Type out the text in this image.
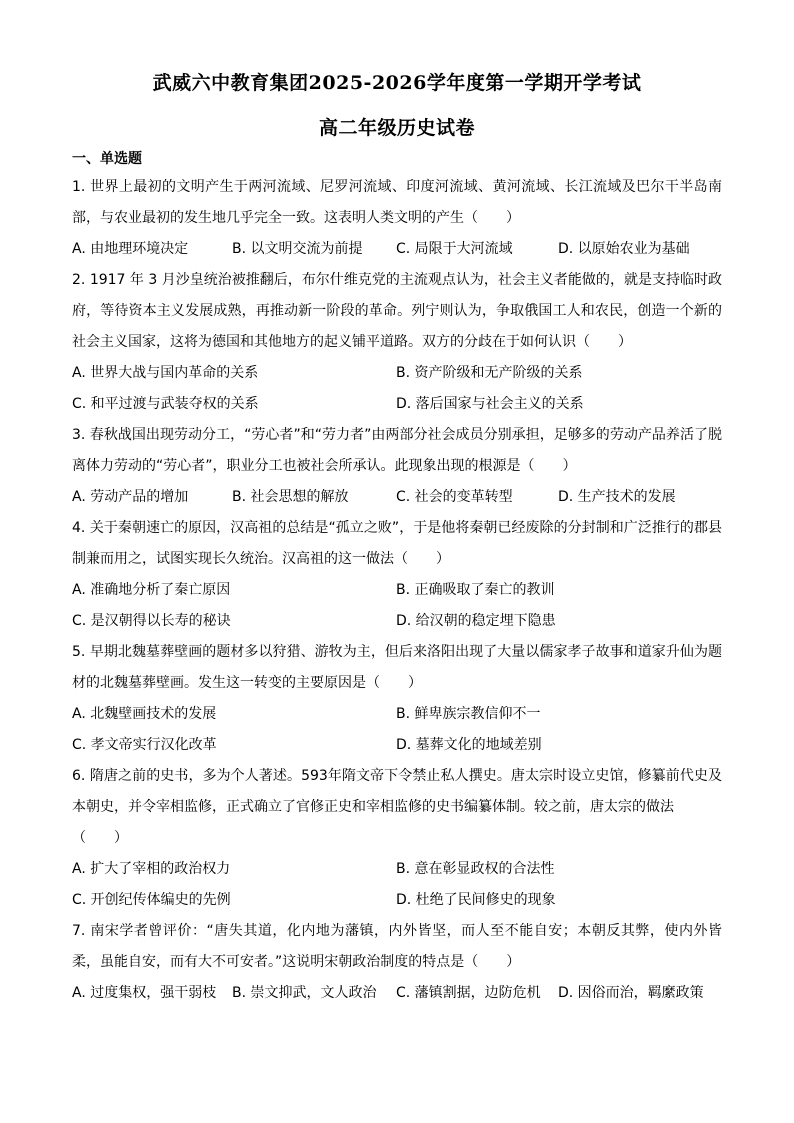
武威六中教育集团2025-2026学年度第一学期开学考试
高二年级历史试卷
一、单选题
1. 世界上最初的文明产生于两河流域、尼罗河流域、印度河流域、黄河流域、长江流域及巴尔干半岛南部，与农业最初的发生地几乎完全一致。这表明人类文明的产生（　　）
A. 由地理环境决定	B. 以文明交流为前提 C. 局限于大河流域	D. 以原始农业为基础
2. 1917 年 3 月沙皇统治被推翻后，布尔什维克党的主流观点认为，社会主义者能做的，就是支持临时政府，等待资本主义发展成熟，再推动新一阶段的革命。列宁则认为，争取俄国工人和农民，创造一个新的社会主义国家，这将为德国和其他地方的起义铺平道路。双方的分歧在于如何认识（　　）
A. 世界大战与国内革命的关系	B. 资产阶级和无产阶级的关系
C. 和平过渡与武装夺权的关系	D. 落后国家与社会主义的关系
3. 春秋战国出现劳动分工，“劳心者”和“劳力者”由两部分社会成员分别承担，足够多的劳动产品养活了脱离体力劳动的“劳心者”，职业分工也被社会所承认。此现象出现的根源是（　　）
A. 劳动产品的增加	B. 社会思想的解放	C. 社会的变革转型	D. 生产技术的发展
4. 关于秦朝速亡的原因，汉高祖的总结是“孤立之败”，于是他将秦朝已经废除的分封制和广泛推行的郡县制兼而用之，试图实现长久统治。汉高祖的这一做法（　　）
A. 准确地分析了秦亡原因	B. 正确吸取了秦亡的教训
C. 是汉朝得以长寿的秘诀	D. 给汉朝的稳定埋下隐患
5. 早期北魏墓葬壁画的题材多以狩猎、游牧为主，但后来洛阳出现了大量以儒家孝子故事和道家升仙为题材的北魏墓葬壁画。发生这一转变的主要原因是（　　）
A. 北魏壁画技术的发展	B. 鲜卑族宗教信仰不一
C. 孝文帝实行汉化改革	D. 墓葬文化的地域差别
6. 隋唐之前的史书，多为个人著述。593年隋文帝下令禁止私人撰史。唐太宗时设立史馆，修纂前代史及本朝史，并令宰相监修，正式确立了官修正史和宰相监修的史书编纂体制。较之前，唐太宗的做法
（　　）
A. 扩大了宰相的政治权力	B. 意在彰显政权的合法性
C. 开创纪传体编史的先例	D. 杜绝了民间修史的现象
7. 南宋学者曾评价：“唐失其道，化内地为藩镇，内外皆坚，而人至不能自安；本朝反其弊，使内外皆柔，虽能自安，而有大不可安者。”这说明宋朝政治制度的特点是（　　）
A. 过度集权，强干弱枝 B. 崇文抑武，文人政治 C. 藩镇割据，边防危机 D. 因俗而治，羁縻政策
